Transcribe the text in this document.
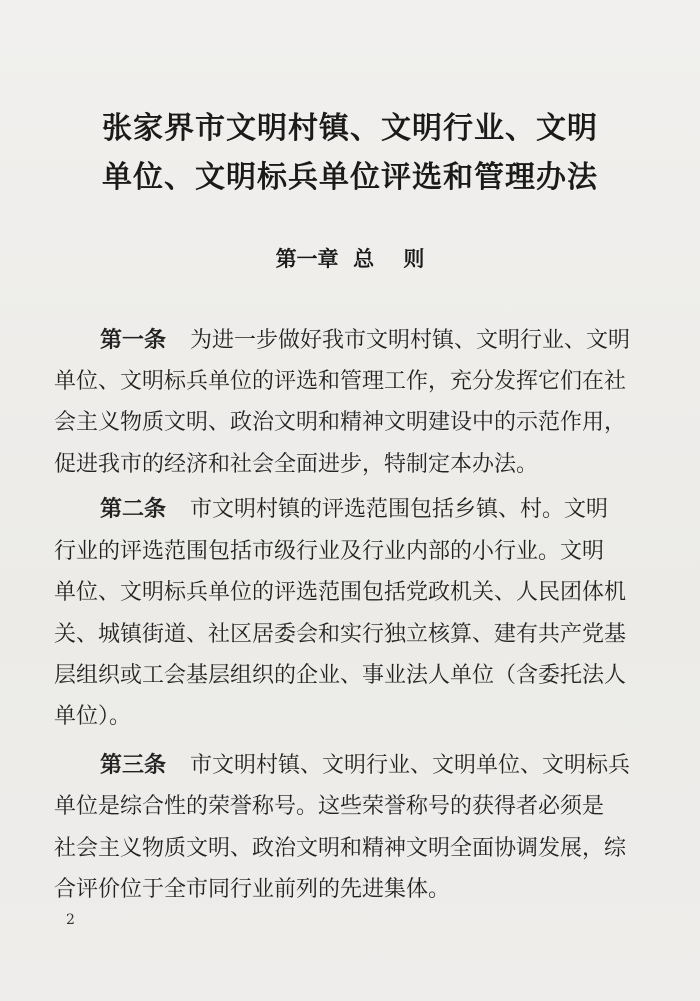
张家界市文明村镇、文明行业、文明
单位、文明标兵单位评选和管理办法
第一章  总    则
第一条 为进一步做好我市文明村镇、文明行业、文明
单位、文明标兵单位的评选和管理工作，充分发挥它们在社
会主义物质文明、政治文明和精神文明建设中的示范作用，
促进我市的经济和社会全面进步，特制定本办法。
第二条 市文明村镇的评选范围包括乡镇、村。文明
行业的评选范围包括市级行业及行业内部的小行业。文明
单位、文明标兵单位的评选范围包括党政机关、人民团体机
关、城镇街道、社区居委会和实行独立核算、建有共产党基
层组织或工会基层组织的企业、事业法人单位（含委托法人
单位）。
第三条 市文明村镇、文明行业、文明单位、文明标兵
单位是综合性的荣誉称号。这些荣誉称号的获得者必须是
社会主义物质文明、政治文明和精神文明全面协调发展，综
合评价位于全市同行业前列的先进集体。
2
